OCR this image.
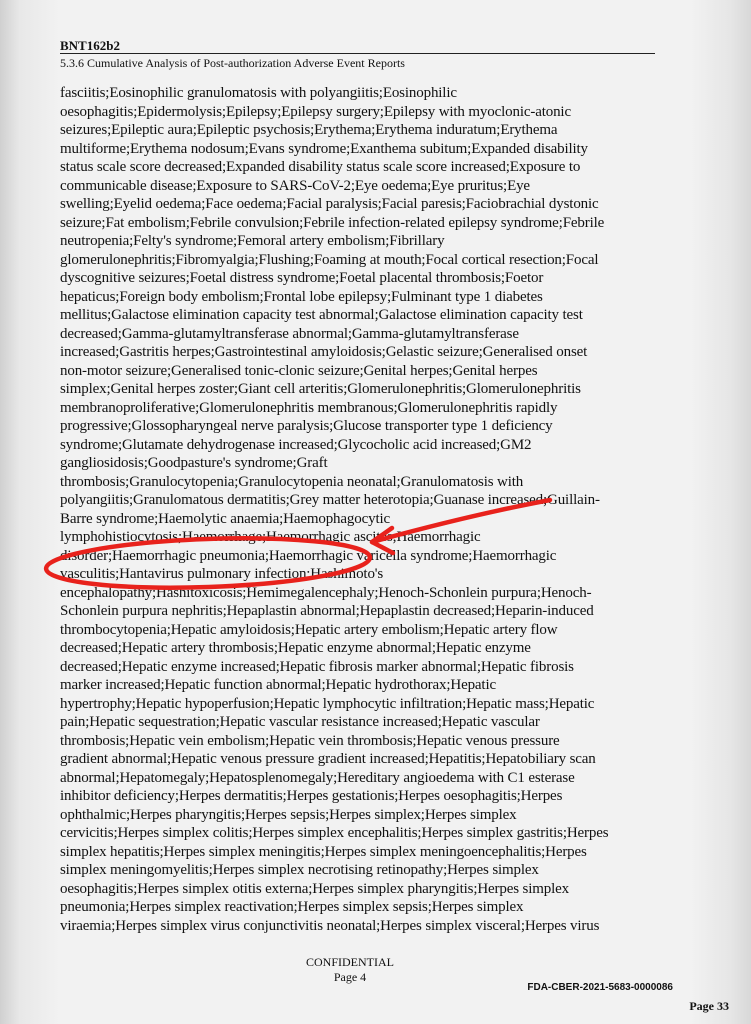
BNT162b2
5.3.6 Cumulative Analysis of Post-authorization Adverse Event Reports
fasciitis;Eosinophilic granulomatosis with polyangiitis;Eosinophilic
oesophagitis;Epidermolysis;Epilepsy;Epilepsy surgery;Epilepsy with myoclonic-atonic
seizures;Epileptic aura;Epileptic psychosis;Erythema;Erythema induratum;Erythema
multiforme;Erythema nodosum;Evans syndrome;Exanthema subitum;Expanded disability
status scale score decreased;Expanded disability status scale score increased;Exposure to
communicable disease;Exposure to SARS-CoV-2;Eye oedema;Eye pruritus;Eye
swelling;Eyelid oedema;Face oedema;Facial paralysis;Facial paresis;Faciobrachial dystonic
seizure;Fat embolism;Febrile convulsion;Febrile infection-related epilepsy syndrome;Febrile
neutropenia;Felty's syndrome;Femoral artery embolism;Fibrillary
glomerulonephritis;Fibromyalgia;Flushing;Foaming at mouth;Focal cortical resection;Focal
dyscognitive seizures;Foetal distress syndrome;Foetal placental thrombosis;Foetor
hepaticus;Foreign body embolism;Frontal lobe epilepsy;Fulminant type 1 diabetes
mellitus;Galactose elimination capacity test abnormal;Galactose elimination capacity test
decreased;Gamma-glutamyltransferase abnormal;Gamma-glutamyltransferase
increased;Gastritis herpes;Gastrointestinal amyloidosis;Gelastic seizure;Generalised onset
non-motor seizure;Generalised tonic-clonic seizure;Genital herpes;Genital herpes
simplex;Genital herpes zoster;Giant cell arteritis;Glomerulonephritis;Glomerulonephritis
membranoproliferative;Glomerulonephritis membranous;Glomerulonephritis rapidly
progressive;Glossopharyngeal nerve paralysis;Glucose transporter type 1 deficiency
syndrome;Glutamate dehydrogenase increased;Glycocholic acid increased;GM2
gangliosidosis;Goodpasture's syndrome;Graft
thrombosis;Granulocytopenia;Granulocytopenia neonatal;Granulomatosis with
polyangiitis;Granulomatous dermatitis;Grey matter heterotopia;Guanase increased;Guillain-
Barre syndrome;Haemolytic anaemia;Haemophagocytic
lymphohistiocytosis;Haemorrhage;Haemorrhagic ascites;Haemorrhagic
disorder;Haemorrhagic pneumonia;Haemorrhagic varicella syndrome;Haemorrhagic
vasculitis;Hantavirus pulmonary infection;Hashimoto's
encephalopathy;Hashitoxicosis;Hemimegalencephaly;Henoch-Schonlein purpura;Henoch-
Schonlein purpura nephritis;Hepaplastin abnormal;Hepaplastin decreased;Heparin-induced
thrombocytopenia;Hepatic amyloidosis;Hepatic artery embolism;Hepatic artery flow
decreased;Hepatic artery thrombosis;Hepatic enzyme abnormal;Hepatic enzyme
decreased;Hepatic enzyme increased;Hepatic fibrosis marker abnormal;Hepatic fibrosis
marker increased;Hepatic function abnormal;Hepatic hydrothorax;Hepatic
hypertrophy;Hepatic hypoperfusion;Hepatic lymphocytic infiltration;Hepatic mass;Hepatic
pain;Hepatic sequestration;Hepatic vascular resistance increased;Hepatic vascular
thrombosis;Hepatic vein embolism;Hepatic vein thrombosis;Hepatic venous pressure
gradient abnormal;Hepatic venous pressure gradient increased;Hepatitis;Hepatobiliary scan
abnormal;Hepatomegaly;Hepatosplenomegaly;Hereditary angioedema with C1 esterase
inhibitor deficiency;Herpes dermatitis;Herpes gestationis;Herpes oesophagitis;Herpes
ophthalmic;Herpes pharyngitis;Herpes sepsis;Herpes simplex;Herpes simplex
cervicitis;Herpes simplex colitis;Herpes simplex encephalitis;Herpes simplex gastritis;Herpes
simplex hepatitis;Herpes simplex meningitis;Herpes simplex meningoencephalitis;Herpes
simplex meningomyelitis;Herpes simplex necrotising retinopathy;Herpes simplex
oesophagitis;Herpes simplex otitis externa;Herpes simplex pharyngitis;Herpes simplex
pneumonia;Herpes simplex reactivation;Herpes simplex sepsis;Herpes simplex
viraemia;Herpes simplex virus conjunctivitis neonatal;Herpes simplex visceral;Herpes virus
CONFIDENTIAL
Page 4
FDA-CBER-2021-5683-0000086
Page 33
